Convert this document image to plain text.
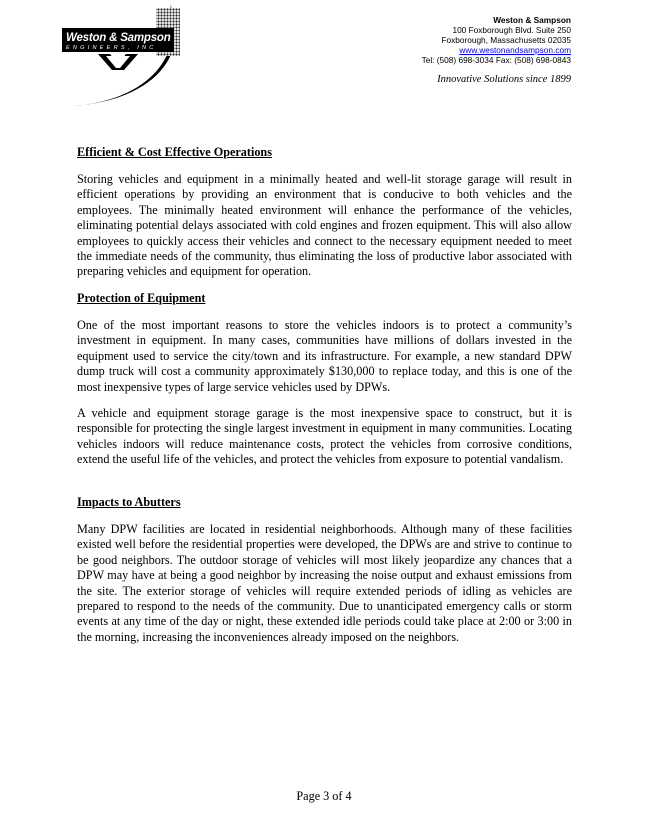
Weston & Sampson
ENGINEERS, INC
Weston & Sampson
100 Foxborough Blvd. Suite 250
Foxborough, Massachusetts 02035
www.westonandsampson.com
Tel: (508) 698-3034 Fax: (508) 698-0843
Innovative Solutions since 1899
Efficient & Cost Effective Operations

Storing vehicles and equipment in a minimally heated and well-lit storage garage will result in efficient operations by providing an environment that is conducive to both vehicles and the employees. The minimally heated environment will enhance the performance of the vehicles, eliminating potential delays associated with cold engines and frozen equipment. This will also allow employees to quickly access their vehicles and connect to the necessary equipment needed to meet the immediate needs of the community, thus eliminating the loss of productive labor associated with preparing vehicles and equipment for operation.

Protection of Equipment

One of the most important reasons to store the vehicles indoors is to protect a community’s investment in equipment. In many cases, communities have millions of dollars invested in the equipment used to service the city/town and its infrastructure. For example, a new standard DPW dump truck will cost a community approximately $130,000 to replace today, and this is one of the most inexpensive types of large service vehicles used by DPWs.

A vehicle and equipment storage garage is the most inexpensive space to construct, but it is responsible for protecting the single largest investment in equipment in many communities. Locating vehicles indoors will reduce maintenance costs, protect the vehicles from corrosive conditions, extend the useful life of the vehicles, and protect the vehicles from exposure to potential vandalism.

Impacts to Abutters

Many DPW facilities are located in residential neighborhoods. Although many of these facilities existed well before the residential properties were developed, the DPWs are and strive to continue to be good neighbors. The outdoor storage of vehicles will most likely jeopardize any chances that a DPW may have at being a good neighbor by increasing the noise output and exhaust emissions from the site. The exterior storage of vehicles will require extended periods of idling as vehicles are prepared to respond to the needs of the community. Due to unanticipated emergency calls or storm events at any time of the day or night, these extended idle periods could take place at 2:00 or 3:00 in the morning, increasing the inconveniences already imposed on the neighbors.

Page 3 of 4
